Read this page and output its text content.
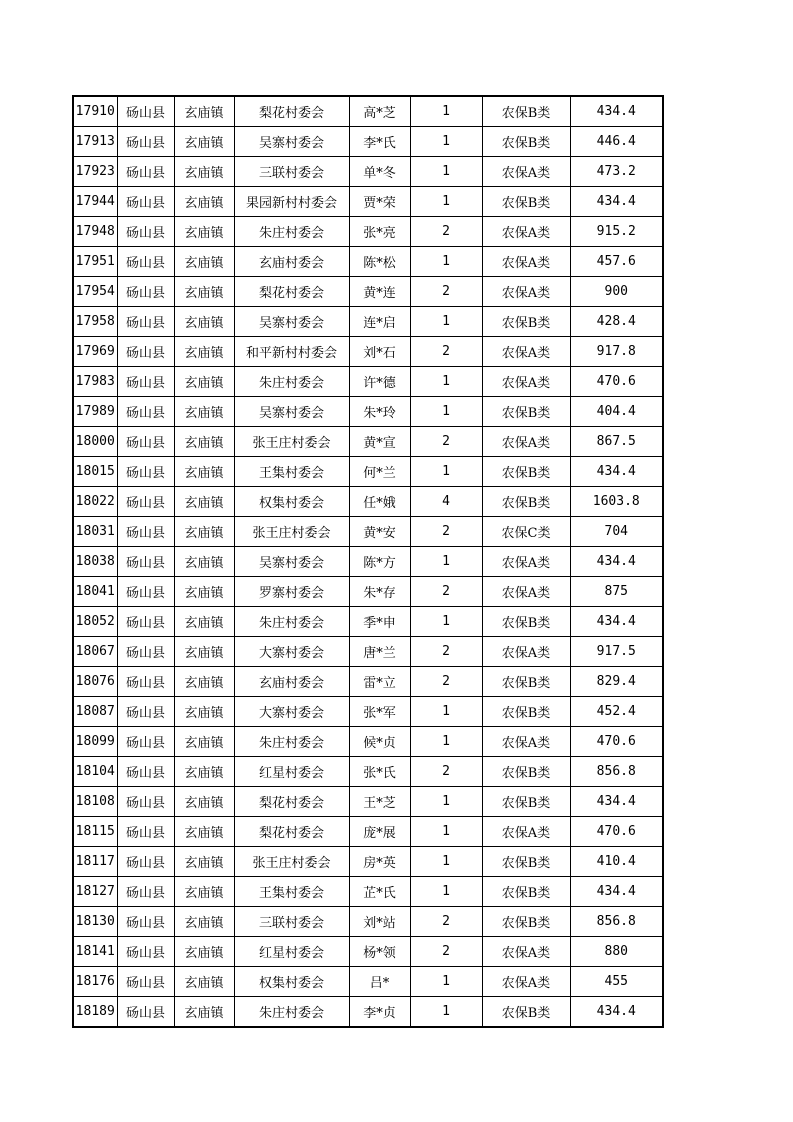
17910	砀山县	玄庙镇	梨花村委会	高*芝	1	农保B类	434.4
17913	砀山县	玄庙镇	吴寨村委会	李*氏	1	农保B类	446.4
17923	砀山县	玄庙镇	三联村委会	单*冬	1	农保A类	473.2
17944	砀山县	玄庙镇	果园新村村委会	贾*荣	1	农保B类	434.4
17948	砀山县	玄庙镇	朱庄村委会	张*亮	2	农保A类	915.2
17951	砀山县	玄庙镇	玄庙村委会	陈*松	1	农保A类	457.6
17954	砀山县	玄庙镇	梨花村委会	黄*连	2	农保A类	900
17958	砀山县	玄庙镇	吴寨村委会	连*启	1	农保B类	428.4
17969	砀山县	玄庙镇	和平新村村委会	刘*石	2	农保A类	917.8
17983	砀山县	玄庙镇	朱庄村委会	许*德	1	农保A类	470.6
17989	砀山县	玄庙镇	吴寨村委会	朱*玲	1	农保B类	404.4
18000	砀山县	玄庙镇	张王庄村委会	黄*宣	2	农保A类	867.5
18015	砀山县	玄庙镇	王集村委会	何*兰	1	农保B类	434.4
18022	砀山县	玄庙镇	权集村委会	任*娥	4	农保B类	1603.8
18031	砀山县	玄庙镇	张王庄村委会	黄*安	2	农保C类	704
18038	砀山县	玄庙镇	吴寨村委会	陈*方	1	农保A类	434.4
18041	砀山县	玄庙镇	罗寨村委会	朱*存	2	农保A类	875
18052	砀山县	玄庙镇	朱庄村委会	季*申	1	农保B类	434.4
18067	砀山县	玄庙镇	大寨村委会	唐*兰	2	农保A类	917.5
18076	砀山县	玄庙镇	玄庙村委会	雷*立	2	农保B类	829.4
18087	砀山县	玄庙镇	大寨村委会	张*军	1	农保B类	452.4
18099	砀山县	玄庙镇	朱庄村委会	候*贞	1	农保A类	470.6
18104	砀山县	玄庙镇	红星村委会	张*氏	2	农保B类	856.8
18108	砀山县	玄庙镇	梨花村委会	王*芝	1	农保B类	434.4
18115	砀山县	玄庙镇	梨花村委会	庞*展	1	农保A类	470.6
18117	砀山县	玄庙镇	张王庄村委会	房*英	1	农保B类	410.4
18127	砀山县	玄庙镇	王集村委会	芷*氏	1	农保B类	434.4
18130	砀山县	玄庙镇	三联村委会	刘*站	2	农保B类	856.8
18141	砀山县	玄庙镇	红星村委会	杨*领	2	农保A类	880
18176	砀山县	玄庙镇	权集村委会	吕*	1	农保A类	455
18189	砀山县	玄庙镇	朱庄村委会	李*贞	1	农保B类	434.4
